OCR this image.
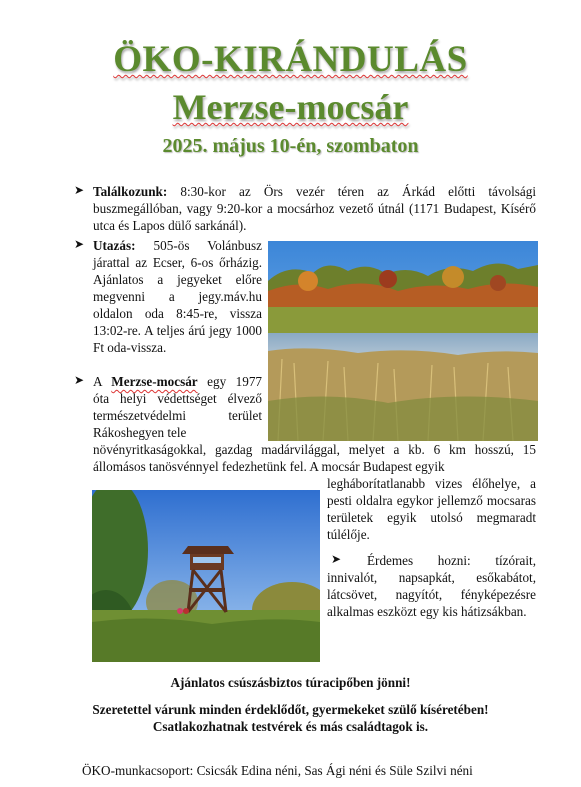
ÖKO-KIRÁNDULÁS
Merzse-mocsár
2025. május 10-én, szombaton
➤ Találkozunk: 8:30-kor az Örs vezér téren az Árkád előtti távolsági buszmegállóban, vagy 9:20-kor a mocsárhoz vezető útnál (1171 Budapest, Kísérő utca és Lapos dülő sarkánál).
➤ Utazás: 505-ös Volánbusz járattal az Ecser, 6-os őrházig. Ajánlatos a jegyeket előre megvenni a jegy.máv.hu oldalon oda 8:45-re, vissza 13:02-re. A teljes árú jegy 1000 Ft oda-vissza.
➤ A Merzse-mocsár egy 1977 óta helyi védettséget élvező természetvédelmi terület Rákoshegyen tele
növényritkaságokkal, gazdag madárvilággal, melyet a kb. 6 km hosszú, 15 állomásos tanösvénnyel fedezhetünk fel. A mocsár Budapest egyik
legháborítatlanabb vizes élőhelye, a pesti oldalra egykor jellemző mocsaras területek egyik utolsó megmaradt túlélője.
➤	Érdemes hozni: tízórait, innivalót, napsapkát, esőkabátot, látcsövet, nagyítót, fényképezésre alkalmas eszközt egy kis hátizsákban.
Ajánlatos csúszásbiztos túracipőben jönni!
Szeretettel várunk minden érdeklődőt, gyermekeket szülő kíséretében!
Csatlakozhatnak testvérek és más családtagok is.
ÖKO-munkacsoport: Csicsák Edina néni, Sas Ági néni és Süle Szilvi néni
